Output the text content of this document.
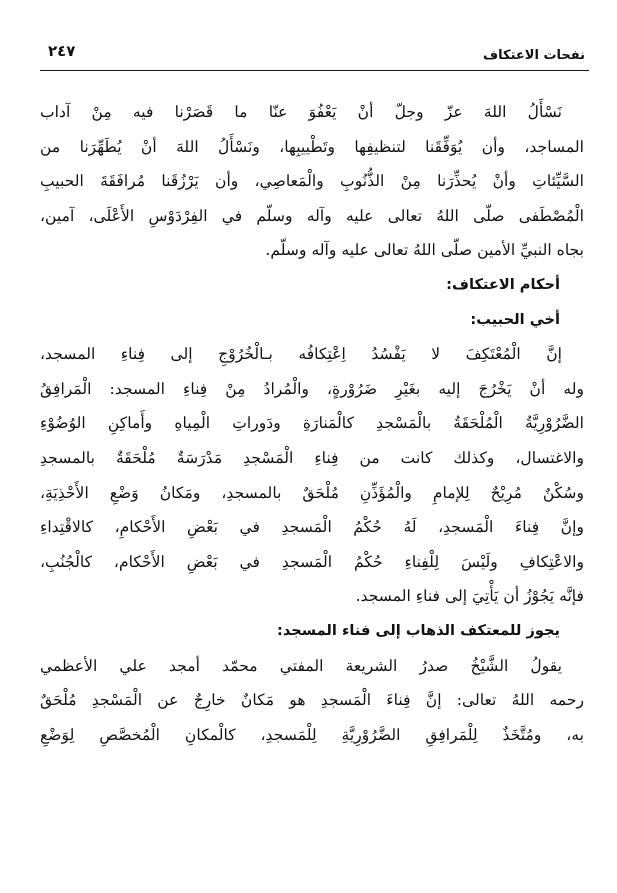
٢٤٧	نفحات الاعتكاف
نَسْأَلُ اللهَ عزّ وجلّ أنْ يَعْفُوَ عنّا ما قَصَرْنا فيه مِنْ آداب
المساجد، وأن يُوَفِّقَنا لتنظيفِها وتَطْييبِها، ونَسْأَلُ اللهَ أنْ يُطَهِّرَنا من
السَّيِّئاتِ وأنْ يُحذِّرَنا مِنْ الذُّنُوبِ والْمَعاصِي، وأن يَرْزُقَنا مُرافَقَةَ الحبيبِ
الْمُصْطَفى صلّى اللهُ تعالى عليه وآله وسلّم في الفِرْدَوْسِ الأَعْلَى، آمين،
بجاه النبيِّ الأمين صلّى اللهُ تعالى عليه وآله وسلّم.
أحكام الاعتكاف:
أخي الحبيب:
إنَّ الْمُعْتَكِفَ لا يَفْسُدُ اِعْتِكافُه بـالْخُرُوْجِ إلى فِناءِ المسجد،
وله أنْ يَخْرُجَ إليه بغَيْرِ ضَرُوْرةٍ، والْمُرادُ مِنْ فِناءِ المسجد: الْمَرافِقُ
الضَّرُوْرِيَّةُ الْمُلْحَقَةُ بالْمَسْجدِ كالْمَنارَةِ ودَوراتِ الْمِياهِ وأَماكِنِ الوُضُوْءِ
والاغتسال، وكذلك كانت من فِناءِ الْمَسْجدِ مَدْرَسَةٌ مُلْحَقَةٌ بالمسجدِ
وسُكْنٌ مُرِيْحٌ لِلإمامِ والْمُؤَذِّنِ مُلْحَقٌ بالمسجدِ، ومَكانُ وَضْعِ الأَحْذِيَةِ،
وإنَّ فِناءَ الْمَسجدِ، لَهُ حُكْمُ الْمَسجدِ في بَعْضِ الأَحْكامِ، كالاقْتِداءِ
والاعْتِكافِ ولَيْسَ لِلْفِناءِ حُكْمُ الْمَسجدِ في بَعْضِ الأَحْكام، كالْجُنُبِ،
فإنَّه يَجُوْزُ أن يَأْتِيَ إلى فناءِ المسجد.
يجوز للمعتكف الذهاب إلى فناء المسجد:
يقولُ الشَّيْخُ صدرُ الشريعة المفتي محمّد أمجد علي الأعظمي
رحمه اللهُ تعالى: إنَّ فِناءَ الْمَسجدِ هو مَكانٌ خارِجٌ عن الْمَسْجدِ مُلْحَقٌ
به، ومُتَّخَذٌ لِلْمَرافِقِ الضَّرُوْرِيَّةِ لِلْمَسجدِ، كالْمكانِ الْمُخصَّصِ لِوَضْعِ
